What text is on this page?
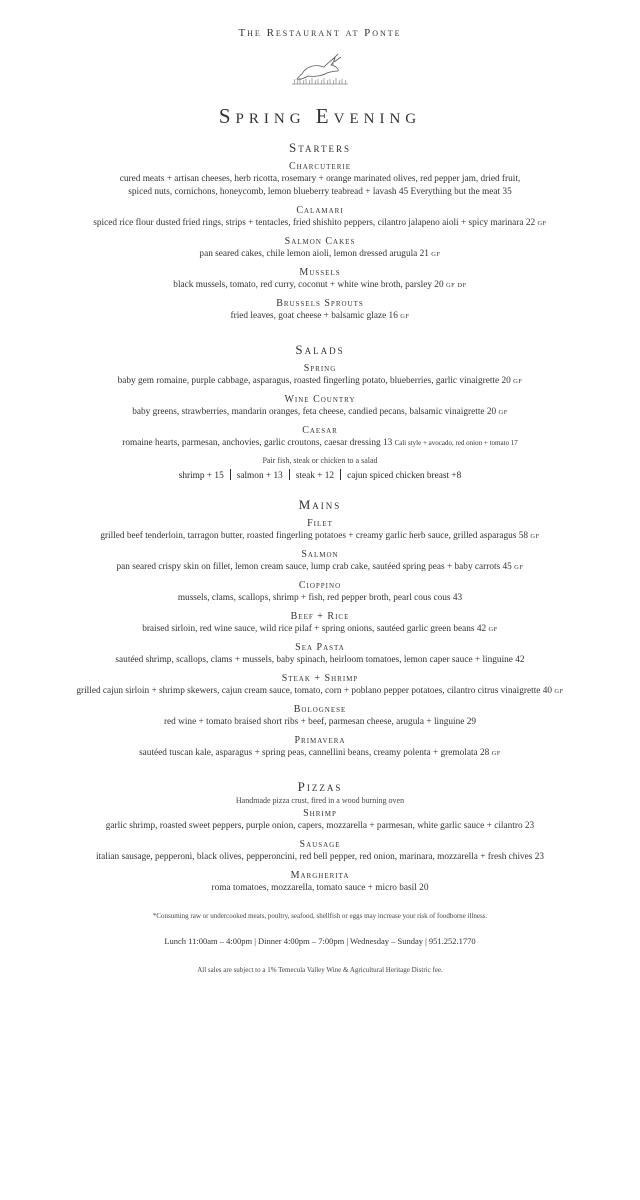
The Restaurant at Ponte
Spring Evening
Starters
Charcuterie
cured meats + artisan cheeses, herb ricotta, rosemary + orange marinated olives, red pepper jam, dried fruit,
spiced nuts, cornichons, honeycomb, lemon blueberry teabread + lavash 45 Everything but the meat 35
Calamari
spiced rice flour dusted fried rings, strips + tentacles, fried shishito peppers, cilantro jalapeno aioli + spicy marinara 22 GF
Salmon Cakes
pan seared cakes, chile lemon aioli, lemon dressed arugula 21 GF
Mussels
black mussels, tomato, red curry, coconut + white wine broth, parsley 20 GF DF
Brussels Sprouts
fried leaves, goat cheese + balsamic glaze 16 GF
Salads
Spring
baby gem romaine, purple cabbage, asparagus, roasted fingerling potato, blueberries, garlic vinaigrette 20 GF
Wine Country
baby greens, strawberries, mandarin oranges, feta cheese, candied pecans, balsamic vinaigrette 20 GF
Caesar
romaine hearts, parmesan, anchovies, garlic croutons, caesar dressing 13 Cali style + avocado, red onion + tomato 17
Pair fish, steak or chicken to a salad
shrimp + 15 salmon + 13 steak + 12 cajun spiced chicken breast +8
Mains
Filet
grilled beef tenderloin, tarragon butter, roasted fingerling potatoes + creamy garlic herb sauce, grilled asparagus 58 GF
Salmon
pan seared crispy skin on fillet, lemon cream sauce, lump crab cake, sautéed spring peas + baby carrots 45 GF
Cioppino
mussels, clams, scallops, shrimp + fish, red pepper broth, pearl cous cous 43
Beef + Rice
braised sirloin, red wine sauce, wild rice pilaf + spring onions, sautéed garlic green beans 42 GF
Sea Pasta
sautéed shrimp, scallops, clams + mussels, baby spinach, heirloom tomatoes, lemon caper sauce + linguine 42
Steak + Shrimp
grilled cajun sirloin + shrimp skewers, cajun cream sauce, tomato, corn + poblano pepper potatoes, cilantro citrus vinaigrette 40 GF
Bolognese
red wine + tomato braised short ribs + beef, parmesan cheese, arugula + linguine 29
Primavera
sautéed tuscan kale, asparagus + spring peas, cannellini beans, creamy polenta + gremolata 28 GF
Pizzas
Handmade pizza crust, fired in a wood burning oven
Shrimp
garlic shrimp, roasted sweet peppers, purple onion, capers, mozzarella + parmesan, white garlic sauce + cilantro 23
Sausage
italian sausage, pepperoni, black olives, pepperoncini, red bell pepper, red onion, marinara, mozzarella + fresh chives 23
Margherita
roma tomatoes, mozzarella, tomato sauce + micro basil 20
*Consuming raw or undercooked meats, poultry, seafood, shellfish or eggs may increase your risk of foodborne illness.
Lunch 11:00am – 4:00pm | Dinner 4:00pm – 7:00pm | Wednesday – Sunday | 951.252.1770
All sales are subject to a 1% Temecula Valley Wine & Agricultural Heritage Distric fee.
